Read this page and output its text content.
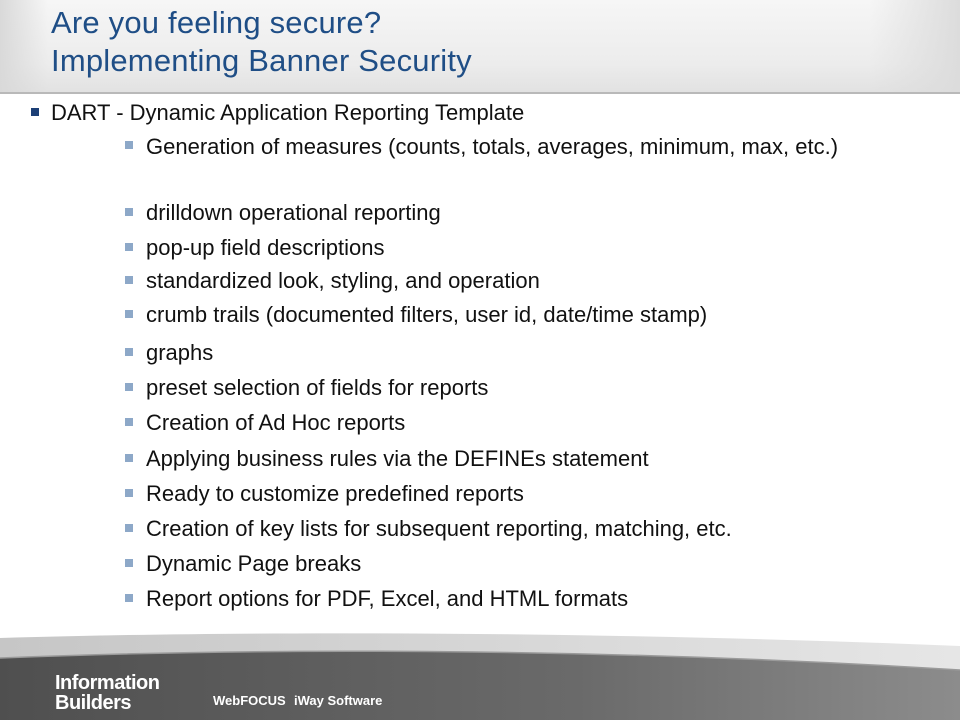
Are you feeling secure?
Implementing Banner Security
DART - Dynamic Application Reporting Template
Generation of measures (counts, totals, averages, minimum, max, etc.)
drilldown operational reporting
pop-up field descriptions
standardized look, styling, and operation
crumb trails (documented filters, user id, date/time stamp)
graphs
preset selection of fields for reports
Creation of Ad Hoc reports
Applying business rules via the DEFINEs statement
Ready to customize predefined reports
Creation of key lists for subsequent reporting, matching, etc.
Dynamic Page breaks
Report options for PDF, Excel, and HTML formats
Information
Builders	WebFOCUS iWay Software
